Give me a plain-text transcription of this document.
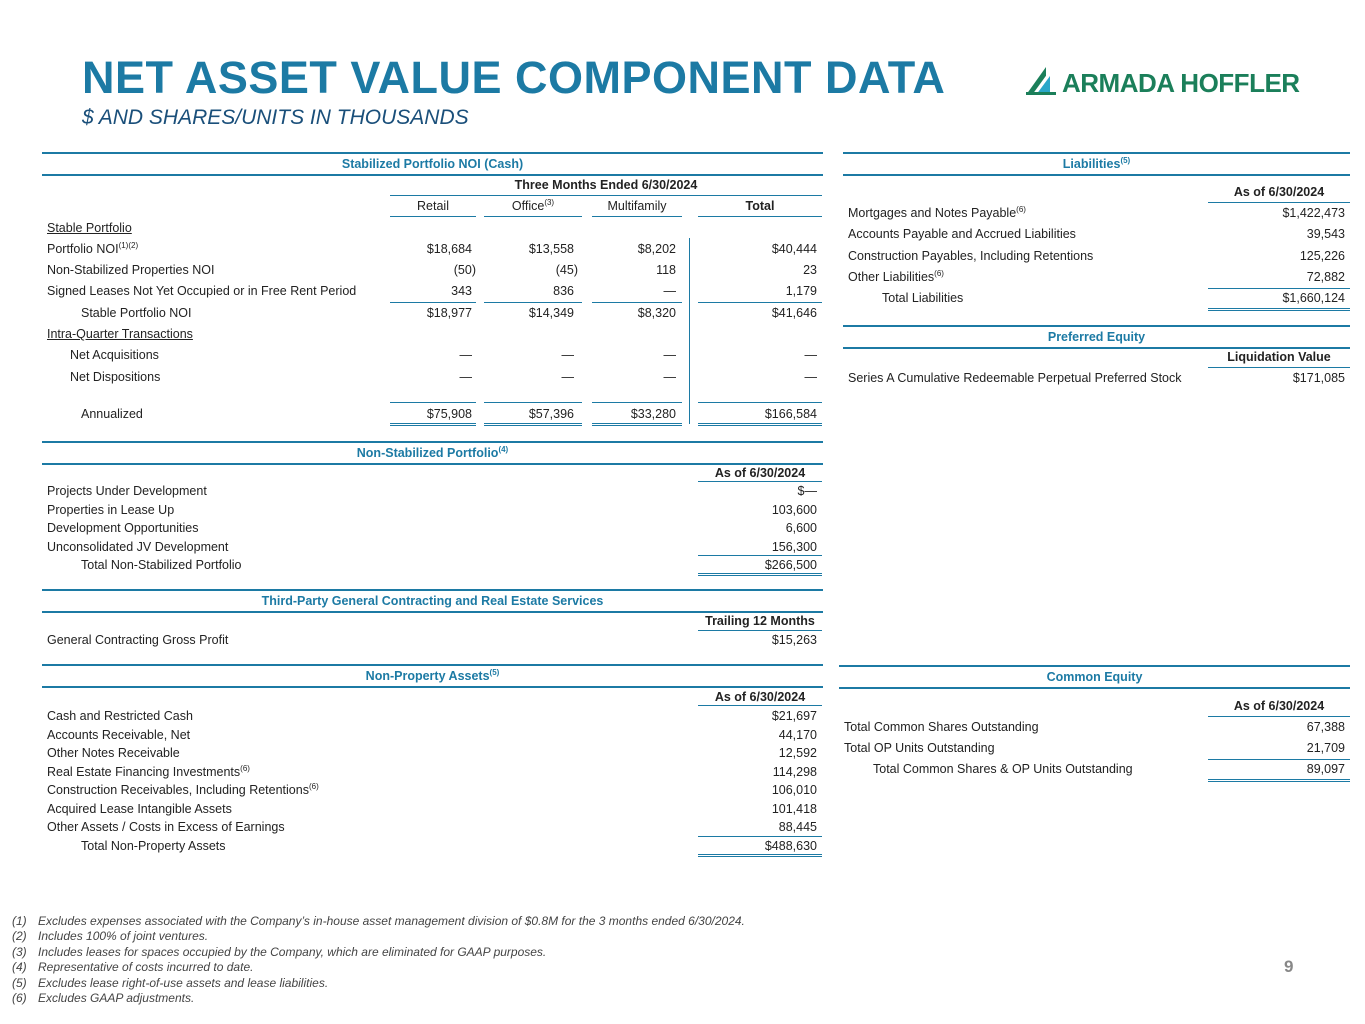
NET ASSET VALUE COMPONENT DATA
$ AND SHARES/UNITS IN THOUSANDS
ARMADA HOFFLER
Stabilized Portfolio NOI (Cash)
Three Months Ended 6/30/2024
Retail	Office$^{(3)}$	Multifamily	Total
Stable Portfolio
Portfolio $NOI^{(1)(2)}$	$18,684	$13,558	$8,202	$40,444
Non-Stabilized Properties NOI	(50)	(45)	118	23
Signed Leases Not Yet Occupied or in Free Rent Period	343	836	—	1,179
Stable Portfolio NOI	$18,977	$14,349	$8,320	$41,646
Intra-Quarter Transactions
Net Acquisitions	—	—	—	—
Net Dispositions	—	—	—	—
Annualized	$75,908	$57,396	$33,280	$166,584
Non-Stabilized Portfolio$^{(4)}$
As of 6/30/2024
Projects Under Development	$—
Properties in Lease Up	103,600
Development Opportunities	6,600
Unconsolidated JV Development	156,300
Total Non-Stabilized Portfolio	$266,500
Third-Party General Contracting and Real Estate Services
Trailing 12 Months
General Contracting Gross Profit	$15,263
Non-Property Assets$^{(5)}$
As of 6/30/2024
Cash and Restricted Cash	$21,697
Accounts Receivable, Net	44,170
Other Notes Receivable	12,592
Real Estate Financing Investments$^{(6)}$	114,298
Construction Receivables, Including Retentions$^{(6)}$	106,010
Acquired Lease Intangible Assets	101,418
Other Assets / Costs in Excess of Earnings	88,445
Total Non-Property Assets	$488,630
Liabilities$^{(5)}$
As of 6/30/2024
Mortgages and Notes Payable$^{(6)}$	$1,422,473
Accounts Payable and Accrued Liabilities	39,543
Construction Payables, Including Retentions	125,226
Other Liabilities$^{(6)}$	72,882
Total Liabilities	$1,660,124
Preferred Equity
Liquidation Value
Series A Cumulative Redeemable Perpetual Preferred Stock	$171,085
Common Equity
As of 6/30/2024
Total Common Shares Outstanding	67,388
Total OP Units Outstanding	21,709
Total Common Shares & OP Units Outstanding	89,097
(1) Excludes expenses associated with the Company’s in-house asset management division of $0.8M for the 3 months ended 6/30/2024.
(2) Includes 100% of joint ventures.
(3) Includes leases for spaces occupied by the Company, which are eliminated for GAAP purposes.
(4) Representative of costs incurred to date.
(5) Excludes lease right-of-use assets and lease liabilities.
(6) Excludes GAAP adjustments.
9
